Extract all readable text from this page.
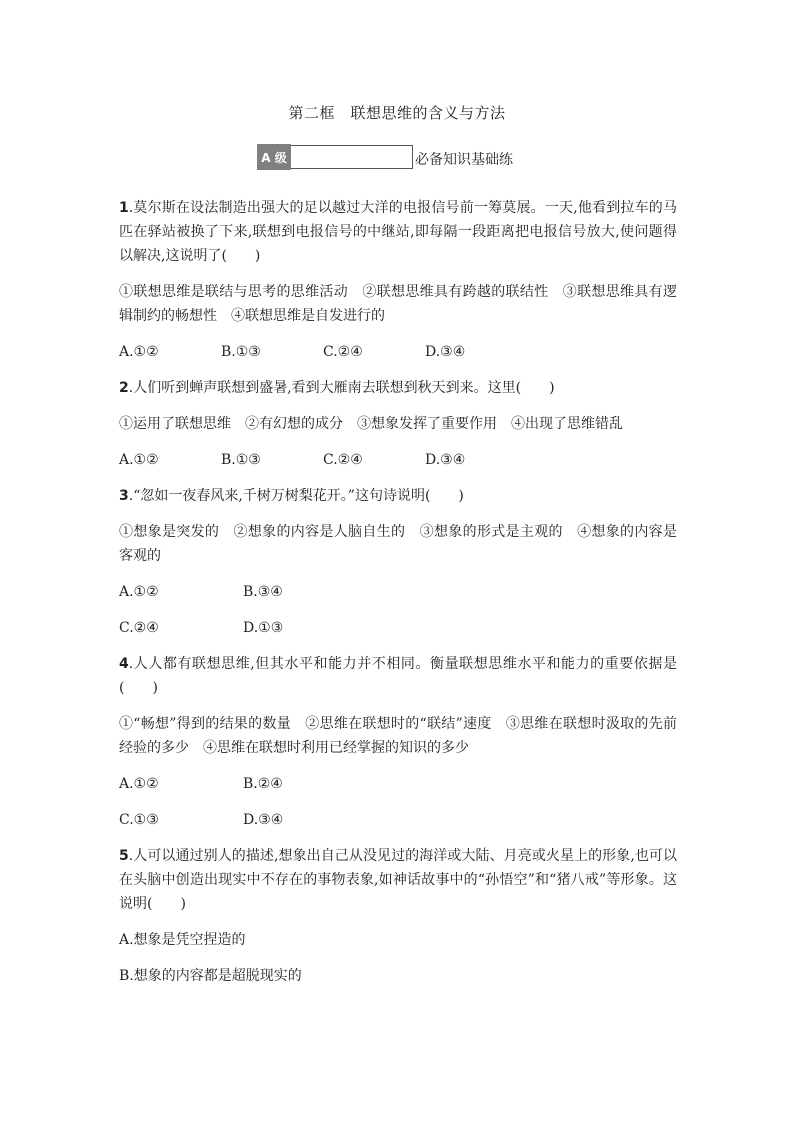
第二框　联想思维的含义与方法
A 级	必备知识基础练

1.莫尔斯在设法制造出强大的足以越过大洋的电报信号前一筹莫展。一天,他看到拉车的马匹在驿站被换了下来,联想到电报信号的中继站,即每隔一段距离把电报信号放大,使问题得以解决,这说明了(　　)

①联想思维是联结与思考的思维活动　②联想思维具有跨越的联结性　③联想思维具有逻辑制约的畅想性　④联想思维是自发进行的

A.①②	B.①③	C.②④	D.③④

2.人们听到蝉声联想到盛暑,看到大雁南去联想到秋天到来。这里(　　)

①运用了联想思维　②有幻想的成分　③想象发挥了重要作用　④出现了思维错乱

A.①②	B.①③	C.②④	D.③④

3.“忽如一夜春风来,千树万树梨花开。”这句诗说明(　　)

①想象是突发的　②想象的内容是人脑自生的　③想象的形式是主观的　④想象的内容是客观的

A.①②	B.③④
C.②④	D.①③

4.人人都有联想思维,但其水平和能力并不相同。衡量联想思维水平和能力的重要依据是(　　)

①“畅想”得到的结果的数量　②思维在联想时的“联结”速度　③思维在联想时汲取的先前经验的多少　④思维在联想时利用已经掌握的知识的多少

A.①②	B.②④
C.①③	D.③④

5.人可以通过别人的描述,想象出自己从没见过的海洋或大陆、月亮或火星上的形象,也可以在头脑中创造出现实中不存在的事物表象,如神话故事中的“孙悟空”和“猪八戒”等形象。这说明(　　)

A.想象是凭空捏造的
B.想象的内容都是超脱现实的
